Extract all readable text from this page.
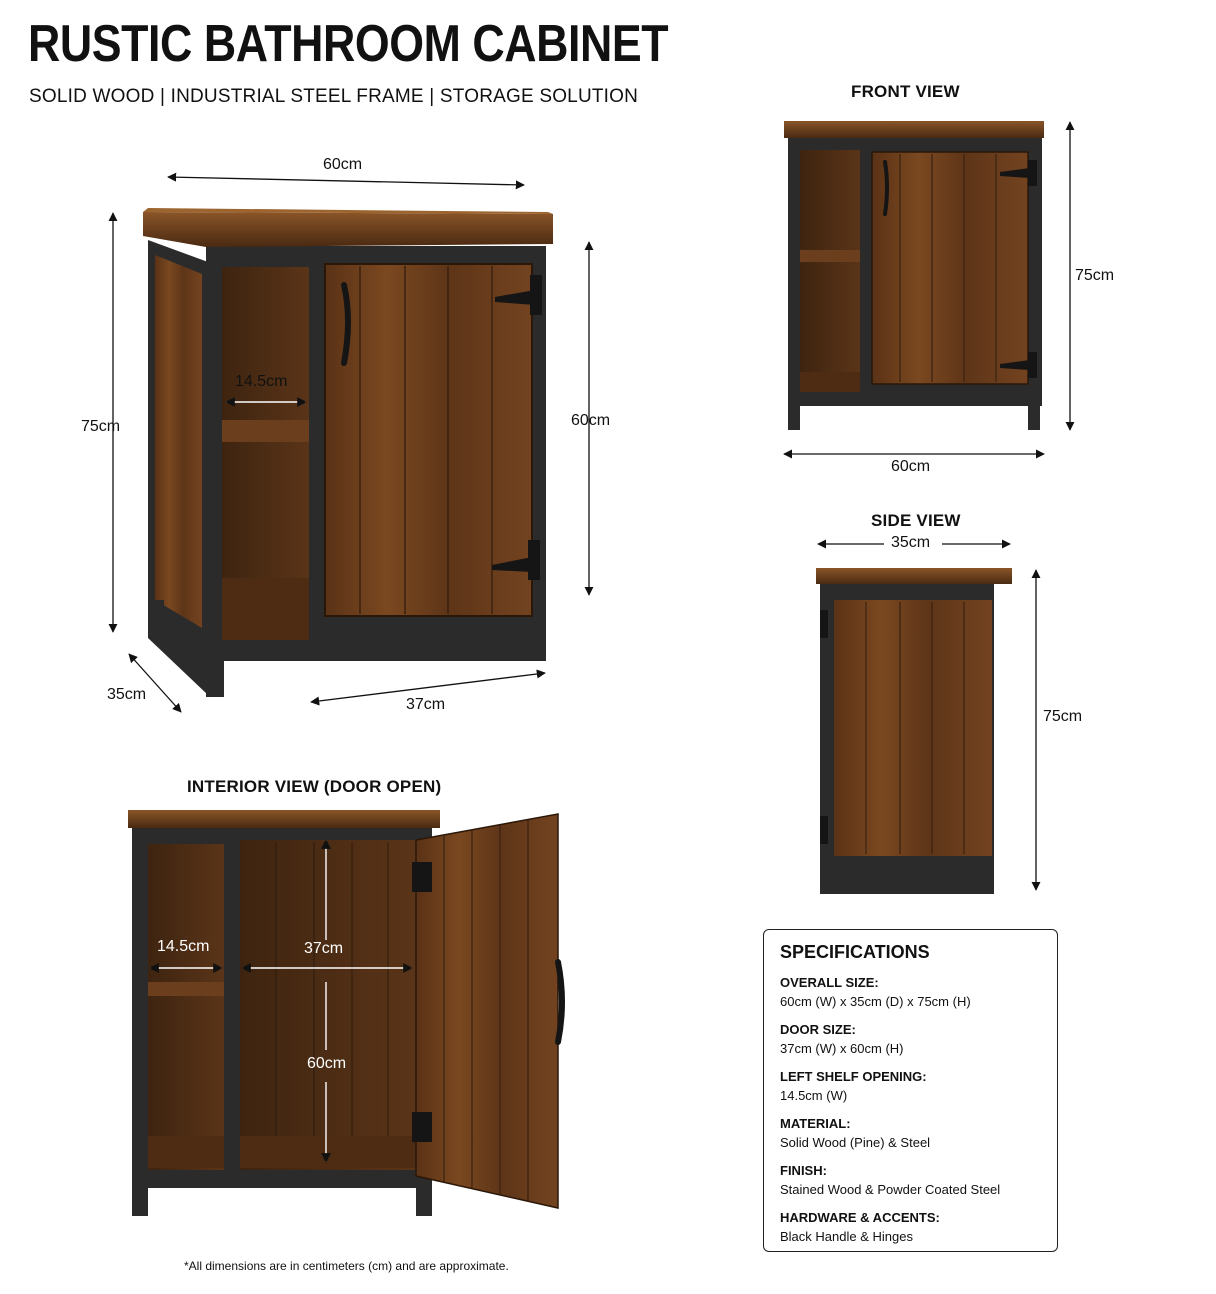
RUSTIC BATHROOM CABINET
SOLID WOOD | INDUSTRIAL STEEL FRAME | STORAGE SOLUTION
60cm
75cm	60cm
14.5cm
35cm
37cm
FRONT VIEW
75cm
60cm
SIDE VIEW
35cm
75cm
INTERIOR VIEW (DOOR OPEN)
14.5cm	37cm
60cm
SPECIFICATIONS
OVERALL SIZE:
60cm (W) x 35cm (D) x 75cm (H)
DOOR SIZE:
37cm (W) x 60cm (H)
LEFT SHELF OPENING:
14.5cm (W)
MATERIAL:
Solid Wood (Pine) & Steel
FINISH:
Stained Wood & Powder Coated Steel
HARDWARE & ACCENTS:
Black Handle & Hinges
*All dimensions are in centimeters (cm) and are approximate.
